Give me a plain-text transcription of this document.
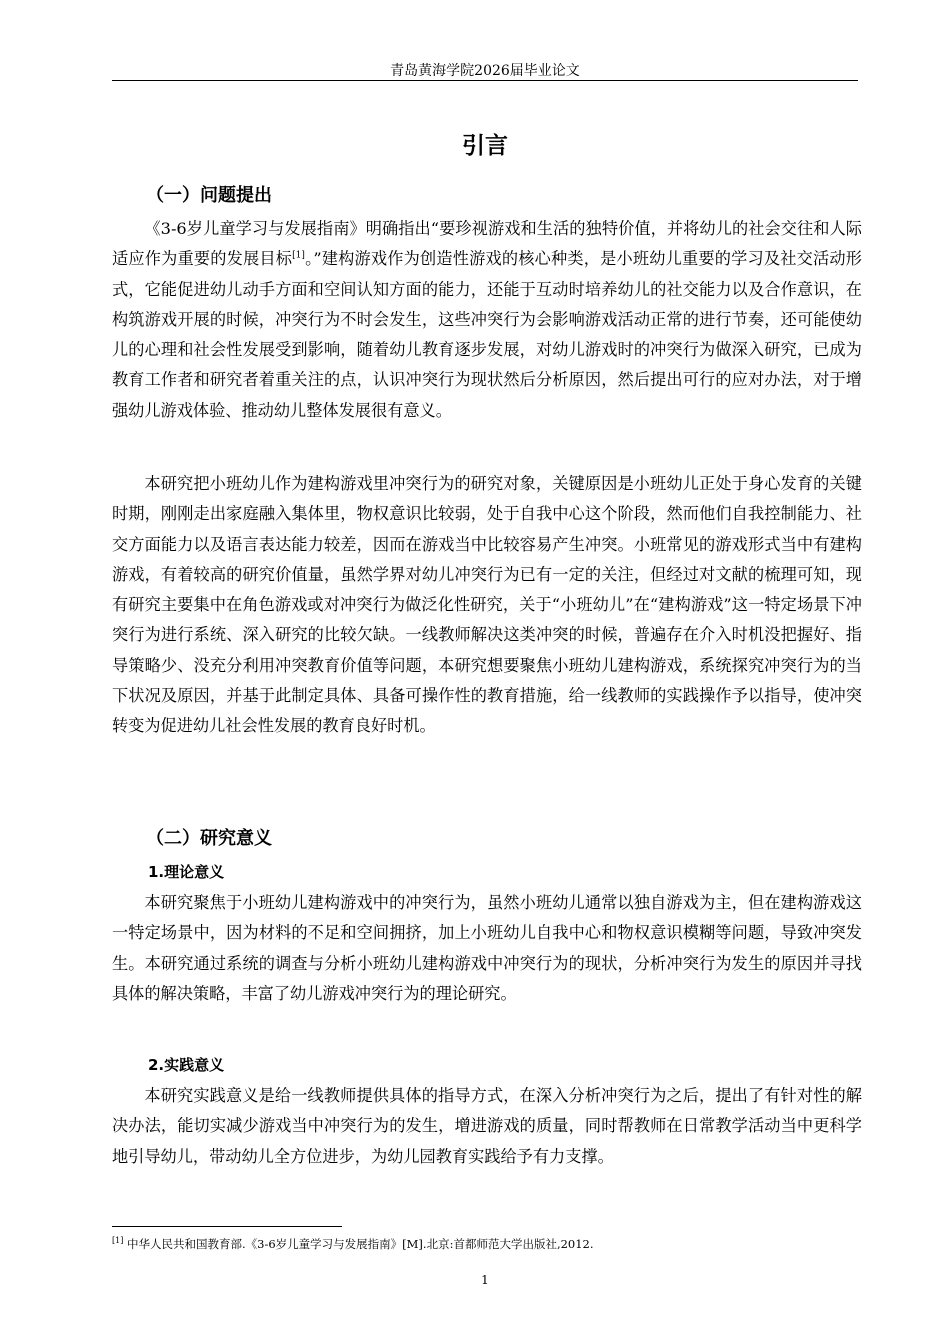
青岛黄海学院2026届毕业论文
引言
（一）问题提出

《3-6岁儿童学习与发展指南》明确指出“要珍视游戏和生活的独特价值，并将幼儿的社会交往和人际适应作为重要的发展目标[1]。”建构游戏作为创造性游戏的核心种类，是小班幼儿重要的学习及社交活动形式，它能促进幼儿动手方面和空间认知方面的能力，还能于互动时培养幼儿的社交能力以及合作意识，在构筑游戏开展的时候，冲突行为不时会发生，这些冲突行为会影响游戏活动正常的进行节奏，还可能使幼儿的心理和社会性发展受到影响，随着幼儿教育逐步发展，对幼儿游戏时的冲突行为做深入研究，已成为教育工作者和研究者着重关注的点，认识冲突行为现状然后分析原因，然后提出可行的应对办法，对于增强幼儿游戏体验、推动幼儿整体发展很有意义。

本研究把小班幼儿作为建构游戏里冲突行为的研究对象，关键原因是小班幼儿正处于身心发育的关键时期，刚刚走出家庭融入集体里，物权意识比较弱，处于自我中心这个阶段，然而他们自我控制能力、社交方面能力以及语言表达能力较差，因而在游戏当中比较容易产生冲突。小班常见的游戏形式当中有建构游戏，有着较高的研究价值量，虽然学界对幼儿冲突行为已有一定的关注，但经过对文献的梳理可知，现有研究主要集中在角色游戏或对冲突行为做泛化性研究，关于“小班幼儿”在“建构游戏”这一特定场景下冲突行为进行系统、深入研究的比较欠缺。一线教师解决这类冲突的时候，普遍存在介入时机没把握好、指导策略少、没充分利用冲突教育价值等问题，本研究想要聚焦小班幼儿建构游戏，系统探究冲突行为的当下状况及原因，并基于此制定具体、具备可操作性的教育措施，给一线教师的实践操作予以指导，使冲突转变为促进幼儿社会性发展的教育良好时机。

（二）研究意义
1.理论意义

本研究聚焦于小班幼儿建构游戏中的冲突行为，虽然小班幼儿通常以独自游戏为主，但在建构游戏这一特定场景中，因为材料的不足和空间拥挤，加上小班幼儿自我中心和物权意识模糊等问题，导致冲突发生。本研究通过系统的调查与分析小班幼儿建构游戏中冲突行为的现状，分析冲突行为发生的原因并寻找具体的解决策略，丰富了幼儿游戏冲突行为的理论研究。

2.实践意义

本研究实践意义是给一线教师提供具体的指导方式，在深入分析冲突行为之后，提出了有针对性的解决办法，能切实减少游戏当中冲突行为的发生，增进游戏的质量，同时帮教师在日常教学活动当中更科学地引导幼儿，带动幼儿全方位进步，为幼儿园教育实践给予有力支撑。

[1] 中华人民共和国教育部.《3-6岁儿童学习与发展指南》[M].北京:首都师范大学出版社,2012.
1
